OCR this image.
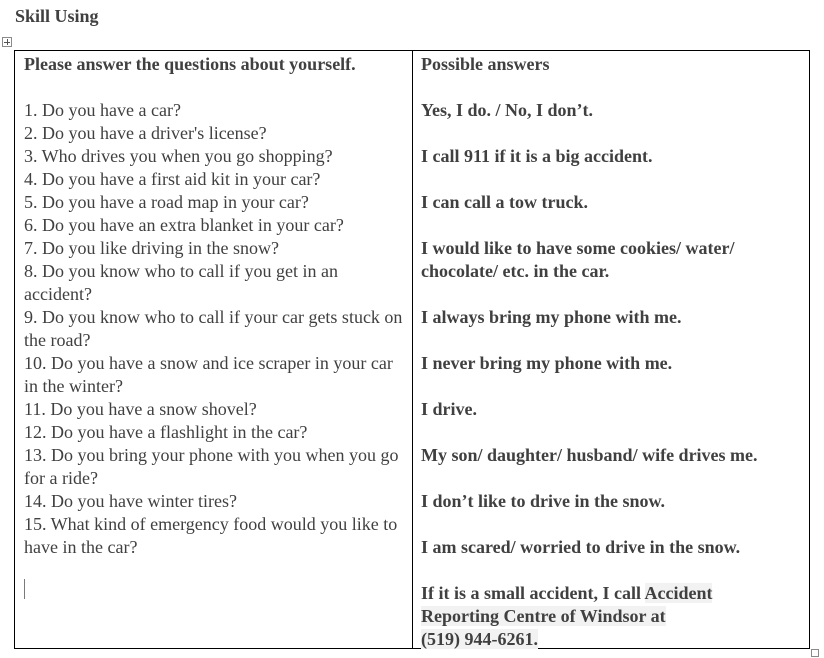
Skill Using
Please answer the questions about yourself.
1. Do you have a car?
2. Do you have a driver's license?
3. Who drives you when you go shopping?
4. Do you have a first aid kit in your car?
5. Do you have a road map in your car?
6. Do you have an extra blanket in your car?
7. Do you like driving in the snow?
8. Do you know who to call if you get in an accident?
9. Do you know who to call if your car gets stuck on the road?
10. Do you have a snow and ice scraper in your car in the winter?
11. Do you have a snow shovel?
12. Do you have a flashlight in the car?
13. Do you bring your phone with you when you go for a ride?
14. Do you have winter tires?
15. What kind of emergency food would you like to have in the car?
Possible answers
Yes, I do. / No, I don’t.
I call 911 if it is a big accident.
I can call a tow truck.
I would like to have some cookies/ water/ chocolate/ etc. in the car.
I always bring my phone with me.
I never bring my phone with me.
I drive.
My son/ daughter/ husband/ wife drives me.
I don’t like to drive in the snow.
I am scared/ worried to drive in the snow.
If it is a small accident, I call Accident
Reporting Centre of Windsor at
(519) 944-6261.
